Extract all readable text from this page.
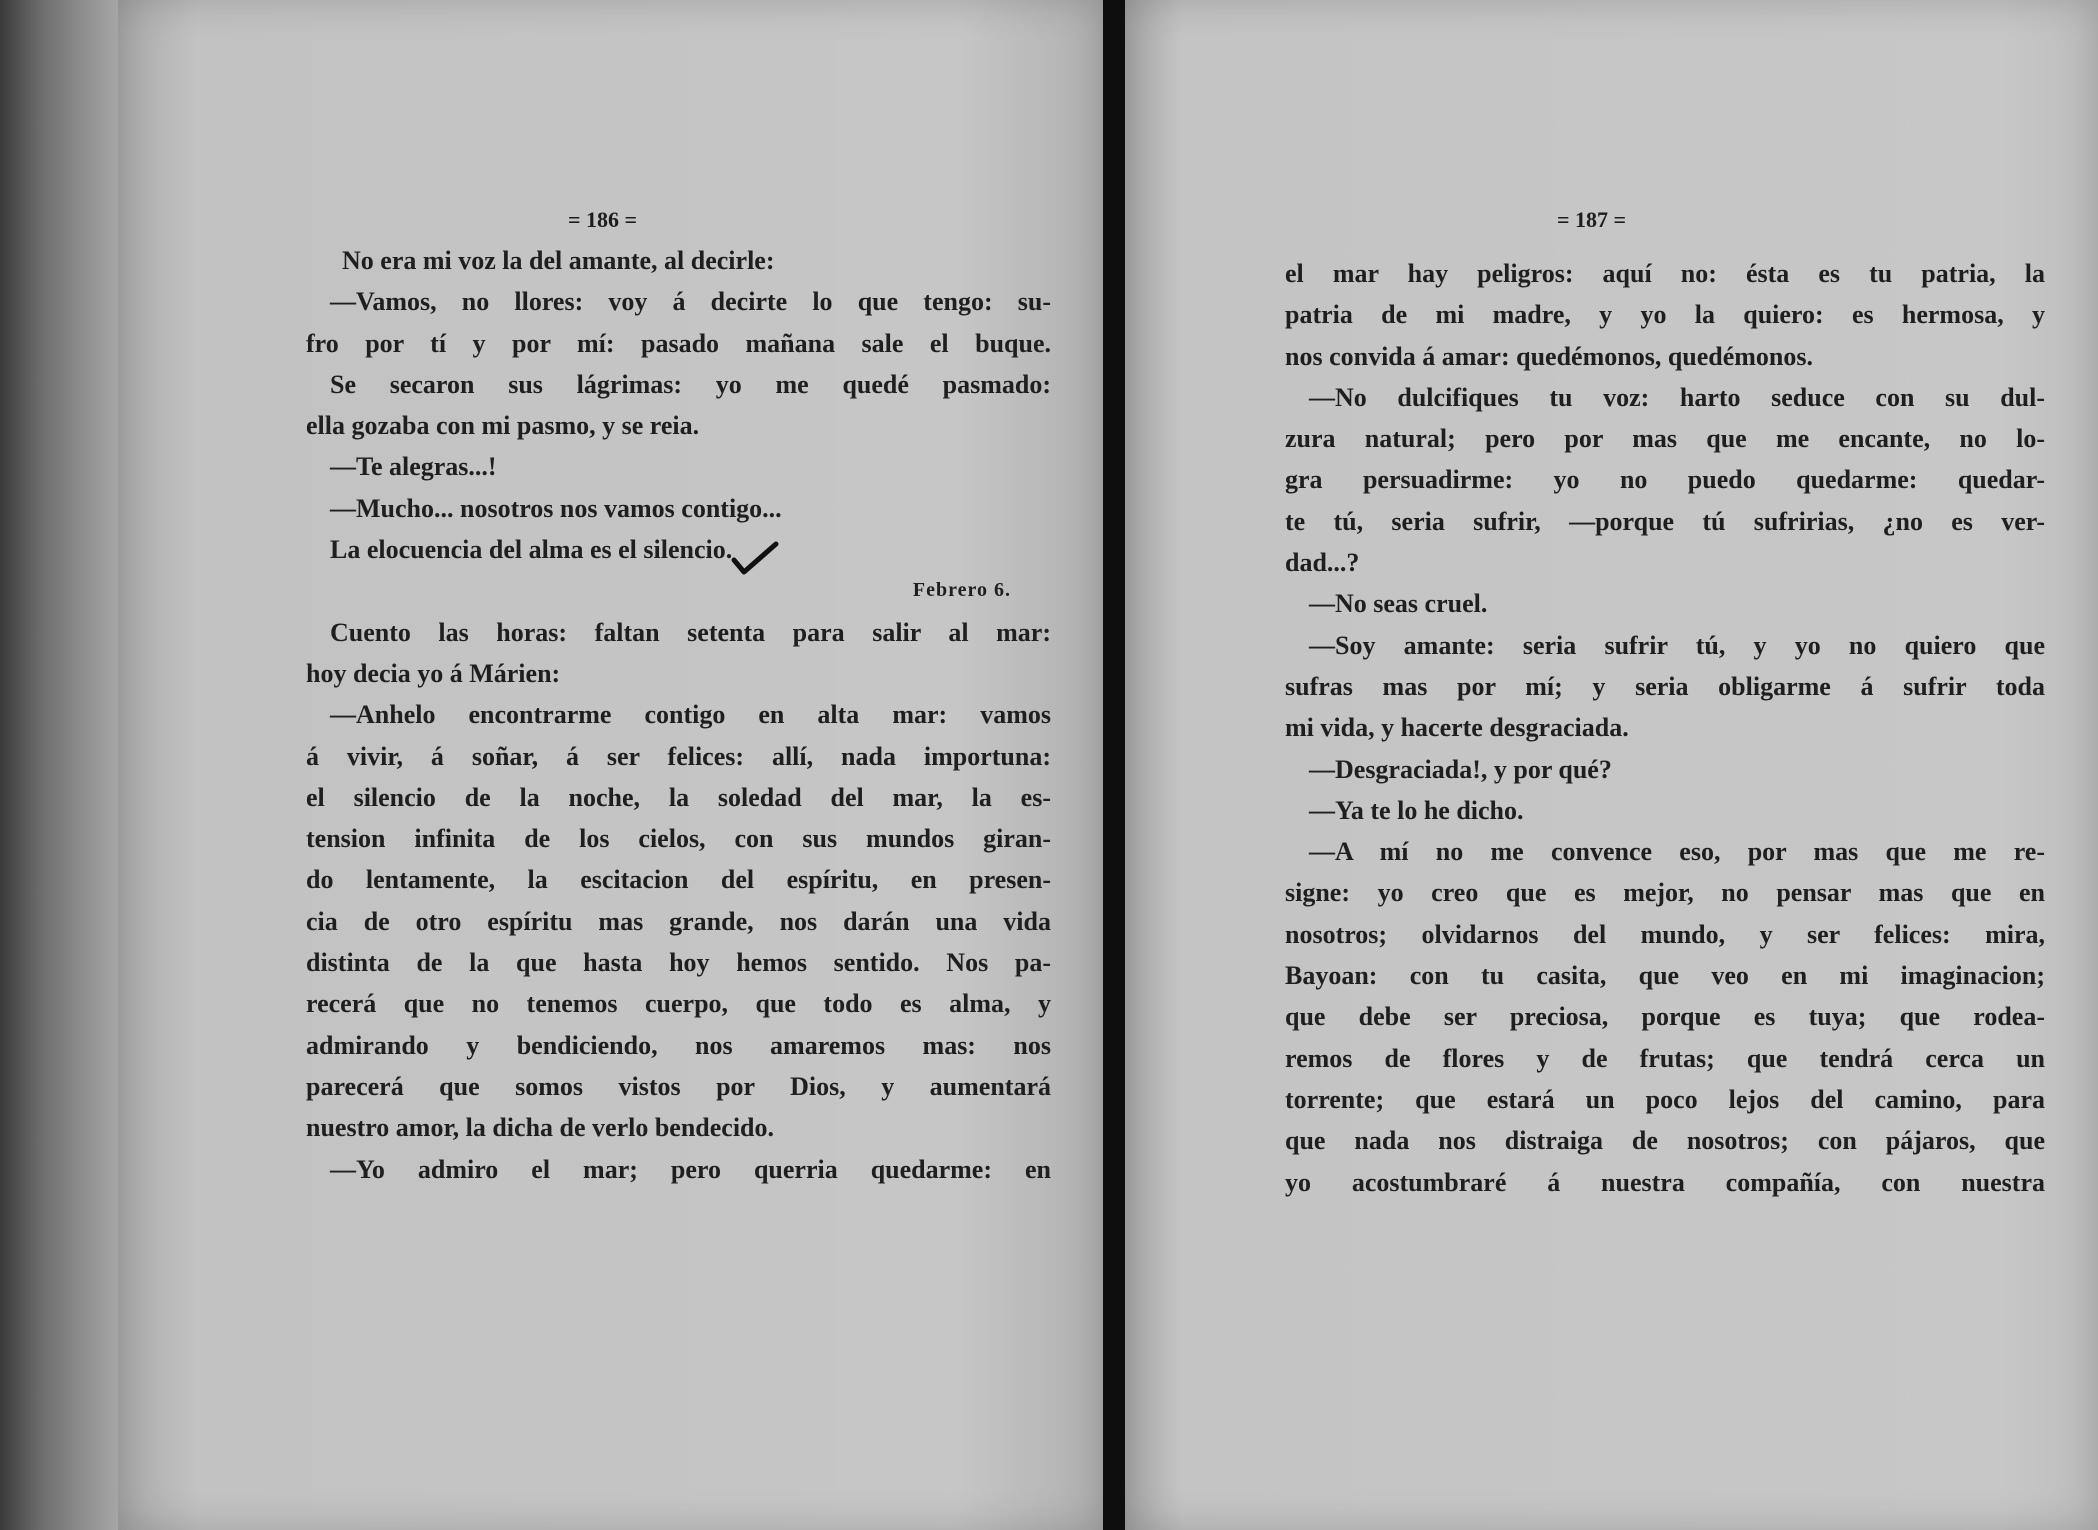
= 186 =
No era mi voz la del amante, al decirle:
—Vamos, no llores: voy á decirte lo que tengo: su-
fro por tí y por mí: pasado mañana sale el buque.
Se secaron sus lágrimas: yo me quedé pasmado:
ella gozaba con mi pasmo, y se reia.
—Te alegras...!
—Mucho... nosotros nos vamos contigo...
La elocuencia del alma es el silencio.
Febrero 6.
Cuento las horas: faltan setenta para salir al mar:
hoy decia yo á Márien:
—Anhelo encontrarme contigo en alta mar: vamos
á vivir, á soñar, á ser felices: allí, nada importuna:
el silencio de la noche, la soledad del mar, la es-
tension infinita de los cielos, con sus mundos giran-
do lentamente, la escitacion del espíritu, en presen-
cia de otro espíritu mas grande, nos darán una vida
distinta de la que hasta hoy hemos sentido. Nos pa-
recerá que no tenemos cuerpo, que todo es alma, y
admirando y bendiciendo, nos amaremos mas: nos
parecerá que somos vistos por Dios, y aumentará
nuestro amor, la dicha de verlo bendecido.
—Yo admiro el mar; pero querria quedarme: en
= 187 =
el mar hay peligros: aquí no: ésta es tu patria, la
patria de mi madre, y yo la quiero: es hermosa, y
nos convida á amar: quedémonos, quedémonos.
—No dulcifiques tu voz: harto seduce con su dul-
zura natural; pero por mas que me encante, no lo-
gra persuadirme: yo no puedo quedarme: quedar-
te tú, seria sufrir, —porque tú sufririas, ¿no es ver-
dad...?
—No seas cruel.
—Soy amante: seria sufrir tú, y yo no quiero que
sufras mas por mí; y seria obligarme á sufrir toda
mi vida, y hacerte desgraciada.
—Desgraciada!, y por qué?
—Ya te lo he dicho.
—A mí no me convence eso, por mas que me re-
signe: yo creo que es mejor, no pensar mas que en
nosotros; olvidarnos del mundo, y ser felices: mira,
Bayoan: con tu casita, que veo en mi imaginacion;
que debe ser preciosa, porque es tuya; que rodea-
remos de flores y de frutas; que tendrá cerca un
torrente; que estará un poco lejos del camino, para
que nada nos distraiga de nosotros; con pájaros, que
yo acostumbraré á nuestra compañía, con nuestra
